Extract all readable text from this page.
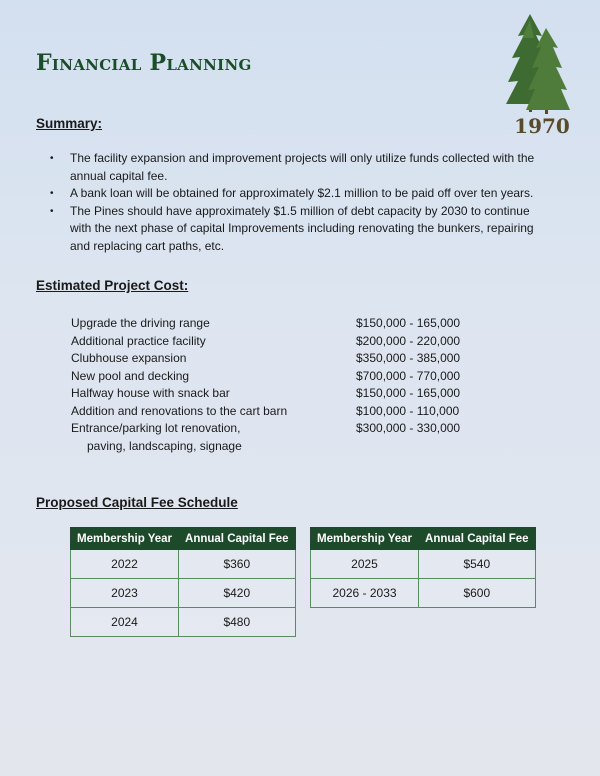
Financial Planning
1970
Summary:
• The facility expansion and improvement projects will only utilize funds collected with the annual capital fee.
• A bank loan will be obtained for approximately $2.1 million to be paid off over ten years.
• The Pines should have approximately $1.5 million of debt capacity by 2030 to continue with the next phase of capital Improvements including renovating the bunkers, repairing and replacing cart paths, etc.
Estimated Project Cost:
Upgrade the driving range	$150,000 - 165,000
Additional practice facility	$200,000 - 220,000
Clubhouse expansion	$350,000 - 385,000
New pool and decking	$700,000 - 770,000
Halfway house with snack bar	$150,000 - 165,000
Addition and renovations to the cart barn	$100,000 - 110,000
Entrance/parking lot renovation,	$300,000 - 330,000
paving, landscaping, signage
Proposed Capital Fee Schedule
Membership Year	Annual Capital Fee
2022	$360
2023	$420
2024	$480
Membership Year	Annual Capital Fee
2025	$540
2026 - 2033	$600
